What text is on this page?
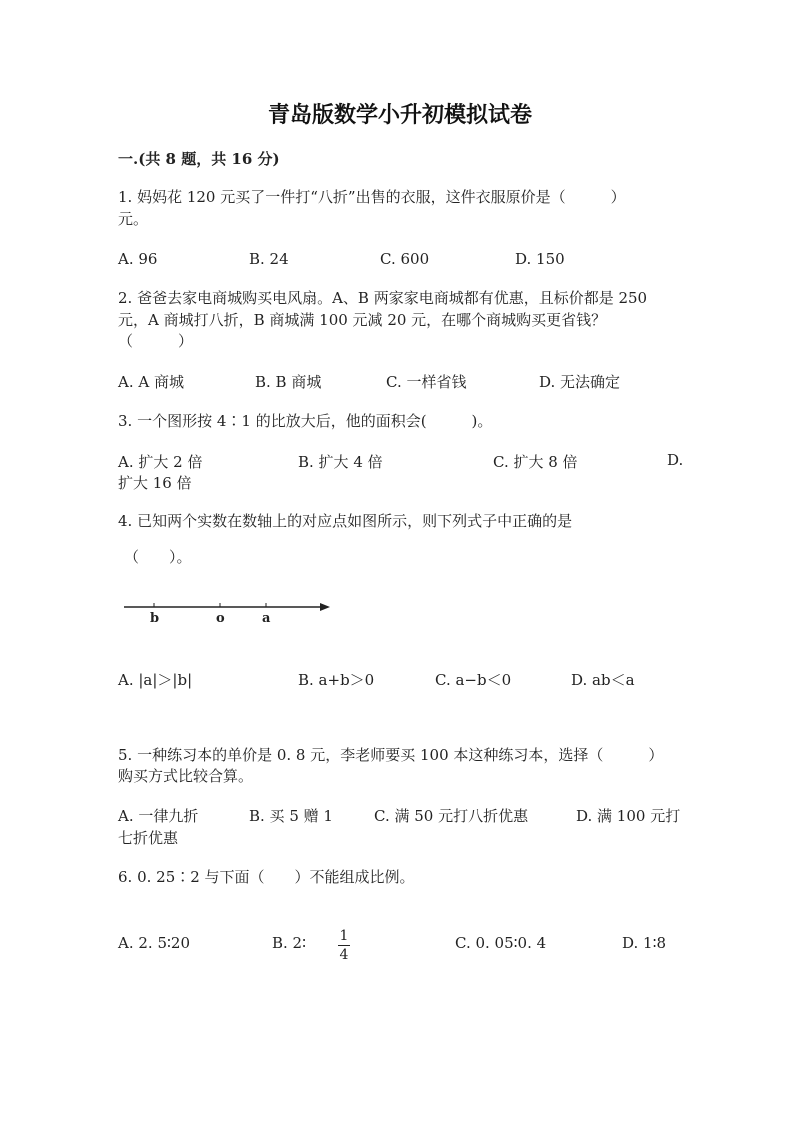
青岛版数学小升初模拟试卷
一.(共 8 题，共 16 分)
1. 妈妈花 120 元买了一件打“八折”出售的衣服，这件衣服原价是（　　　）
元。
A. 96	B. 24	C. 600	D. 150
2. 爸爸去家电商城购买电风扇。A、B 两家家电商城都有优惠，且标价都是 250
元，A 商城打八折，B 商城满 100 元减 20 元，在哪个商城购买更省钱？
（　　　）
A. A 商城	B. B 商城	C. 一样省钱	D. 无法确定
3. 一个图形按 4∶1 的比放大后，他的面积会(　　　)。
A. 扩大 2 倍	B. 扩大 4 倍	C. 扩大 8 倍	D.
扩大 16 倍
4. 已知两个实数在数轴上的对应点如图所示，则下列式子中正确的是
（　　）。
b	o	a
A. |a|＞|b|	B. a+b＞0	C. a−b＜0	D. ab＜a
5. 一种练习本的单价是 0. 8 元，李老师要买 100 本这种练习本，选择（　　　）
购买方式比较合算。
A. 一律九折	B. 买 5 赠 1	C. 满 50 元打八折优惠	D. 满 100 元打
七折优惠
6. 0. 25∶2 与下面（　　）不能组成比例。
A. 2. 5∶20	B. 2∶ 1
4
C. 0. 05∶0. 4	D. 1∶8
